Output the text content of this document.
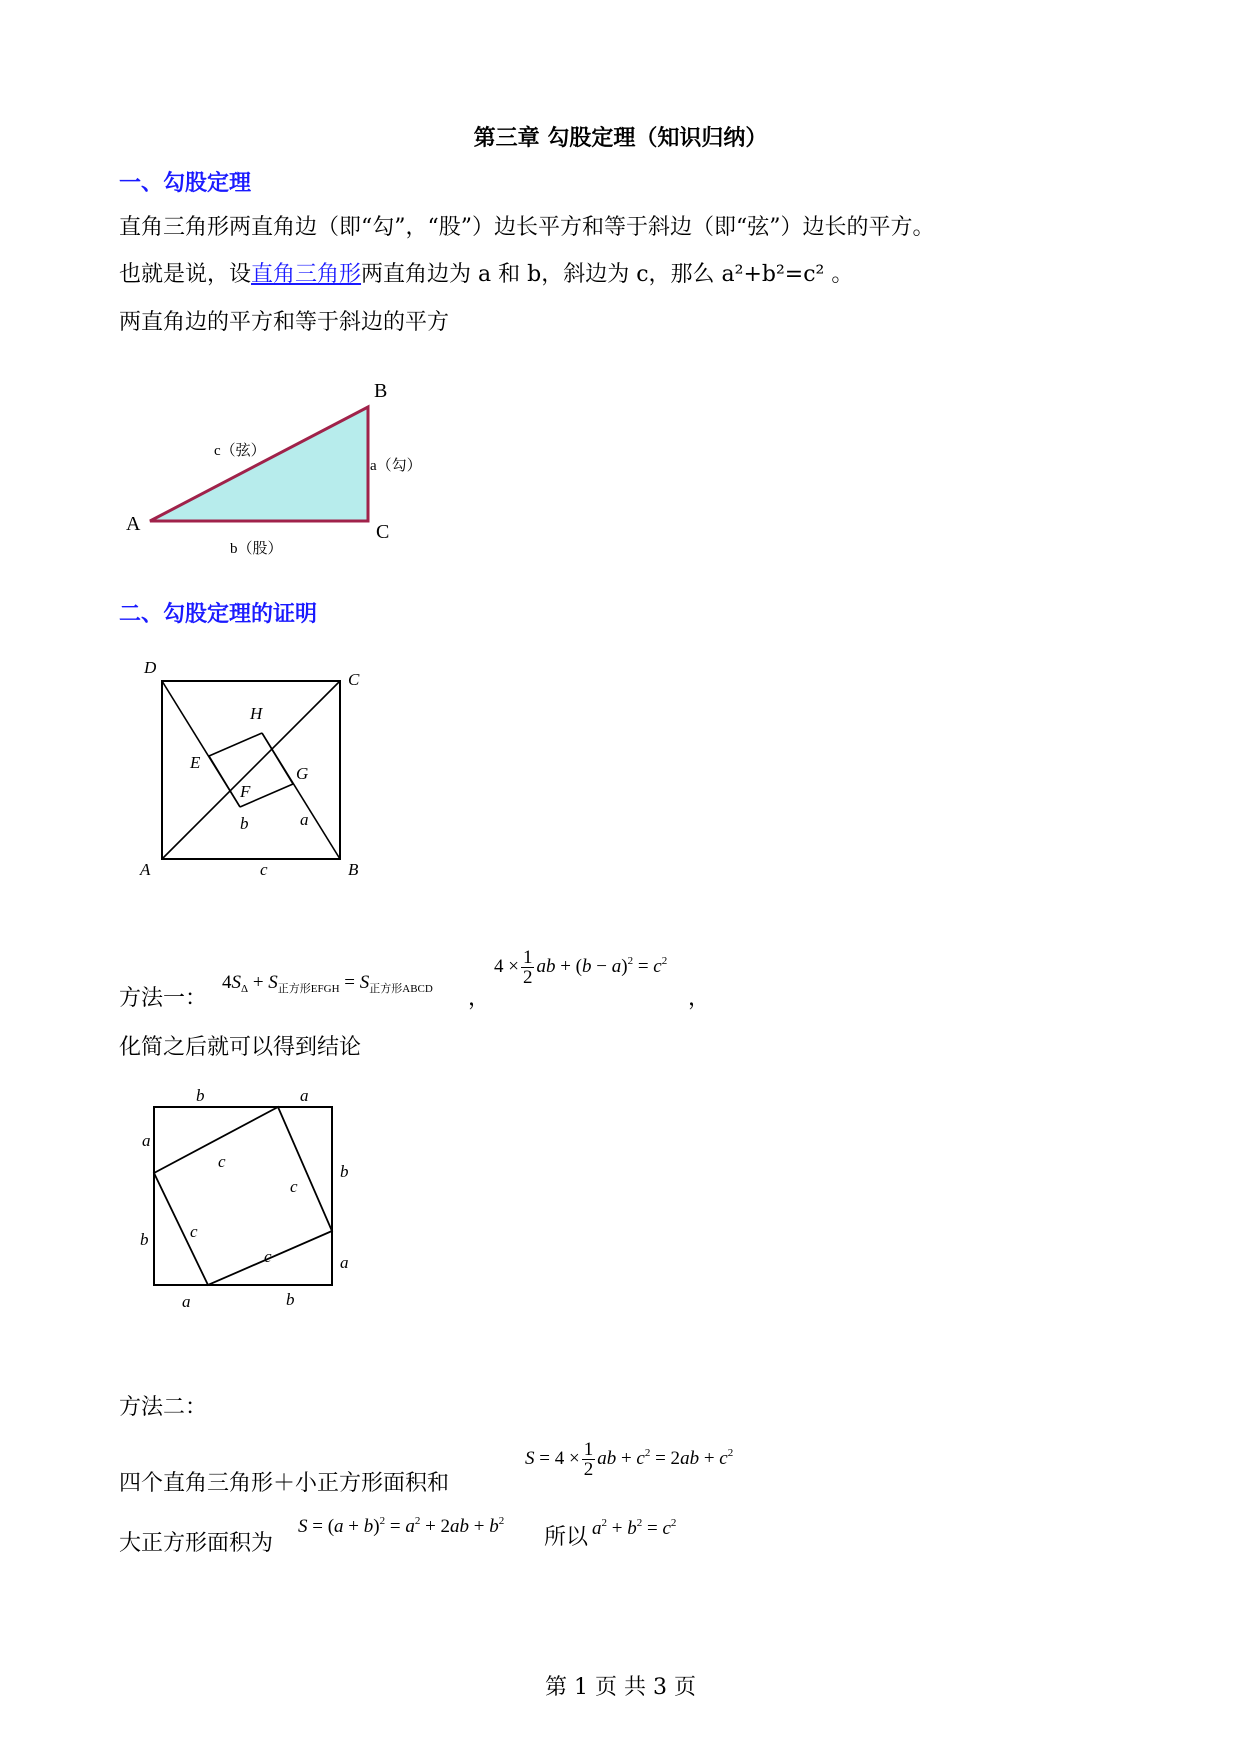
第三章 勾股定理（知识归纳）
一、勾股定理
直角三角形两直角边（即“勾”，“股”）边长平方和等于斜边（即“弦”）边长的平方。
也就是说，设直角三角形两直角边为 a 和 b，斜边为 c，那么 a²+b²=c² 。
两直角边的平方和等于斜边的平方
B
A	C
c（弦）
a（勾）
b（股）
二、勾股定理的证明
D
C
H
E
G
F
b	a
A	c	B
方法一：
$4S_\Delta + S_{正方形EFGH} = S_{正方形ABCD}$ ，
$4 \times \frac{1}{2}$ ab + $(b - a)^2 = c^2$
，
化简之后就可以得到结论
b	a
a
b
b
a
a	b
c
c
c
c
方法二：
四个直角三角形＋小正方形面积和
$S = 4 \times \frac{1}{2}$ ab + $c^2 = 2ab + c^2$
大正方形面积为
$S = (a + b)^2 = a^2 + 2ab + b^2$
所以 $a^2 + b^2 = c^2$
第 1 页 共 3 页
